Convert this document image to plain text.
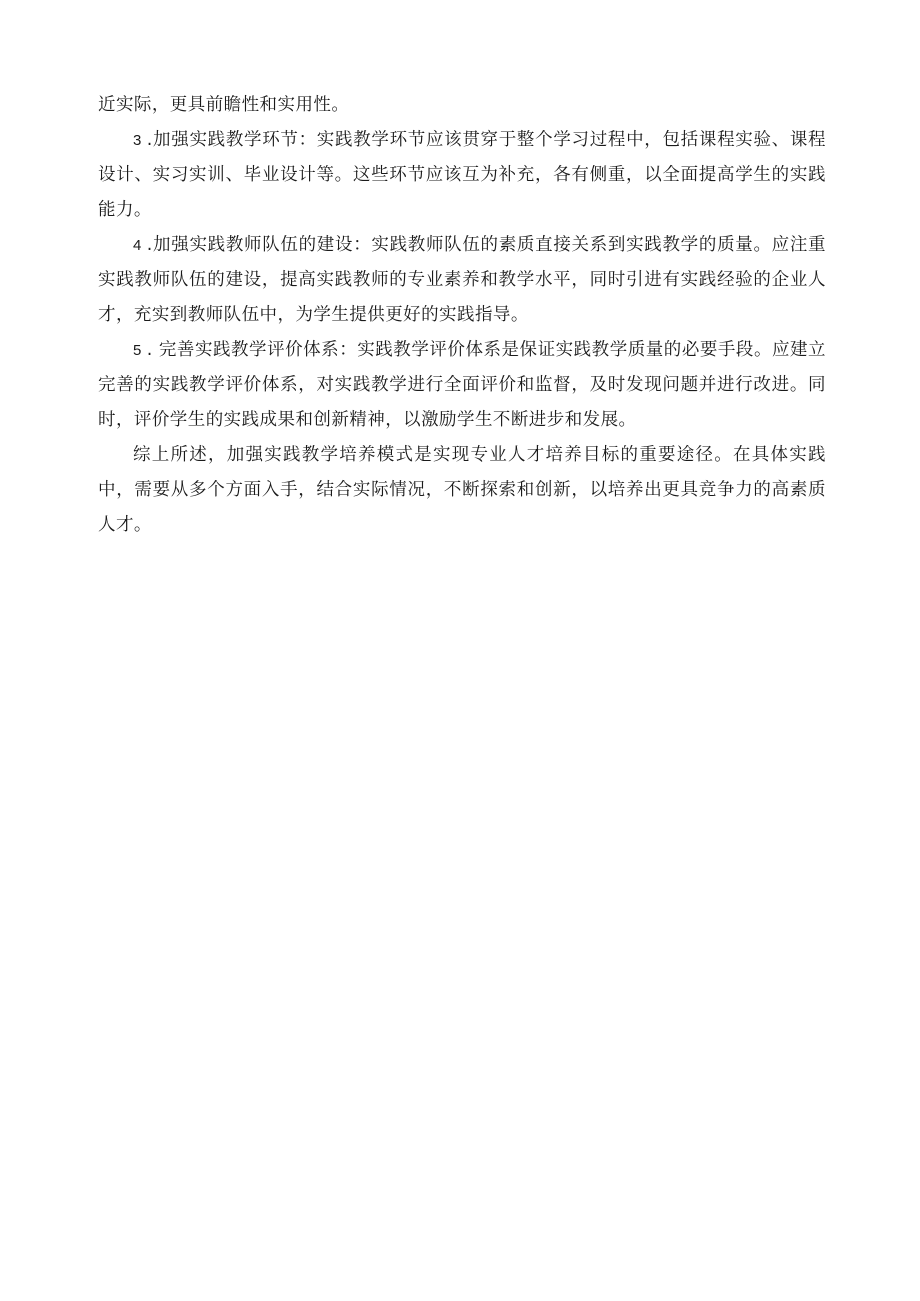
近实际，更具前瞻性和实用性。

3 .加强实践教学环节：实践教学环节应该贯穿于整个学习过程中，包括课程实验、课程设计、实习实训、毕业设计等。这些环节应该互为补充，各有侧重，以全面提高学生的实践能力。

4 .加强实践教师队伍的建设：实践教师队伍的素质直接关系到实践教学的质量。应注重实践教师队伍的建设，提高实践教师的专业素养和教学水平，同时引进有实践经验的企业人才，充实到教师队伍中，为学生提供更好的实践指导。

5 . 完善实践教学评价体系：实践教学评价体系是保证实践教学质量的必要手段。应建立完善的实践教学评价体系，对实践教学进行全面评价和监督，及时发现问题并进行改进。同时，评价学生的实践成果和创新精神，以激励学生不断进步和发展。

综上所述，加强实践教学培养模式是实现专业人才培养目标的重要途径。在具体实践中，需要从多个方面入手，结合实际情况，不断探索和创新，以培养出更具竞争力的高素质人才。
